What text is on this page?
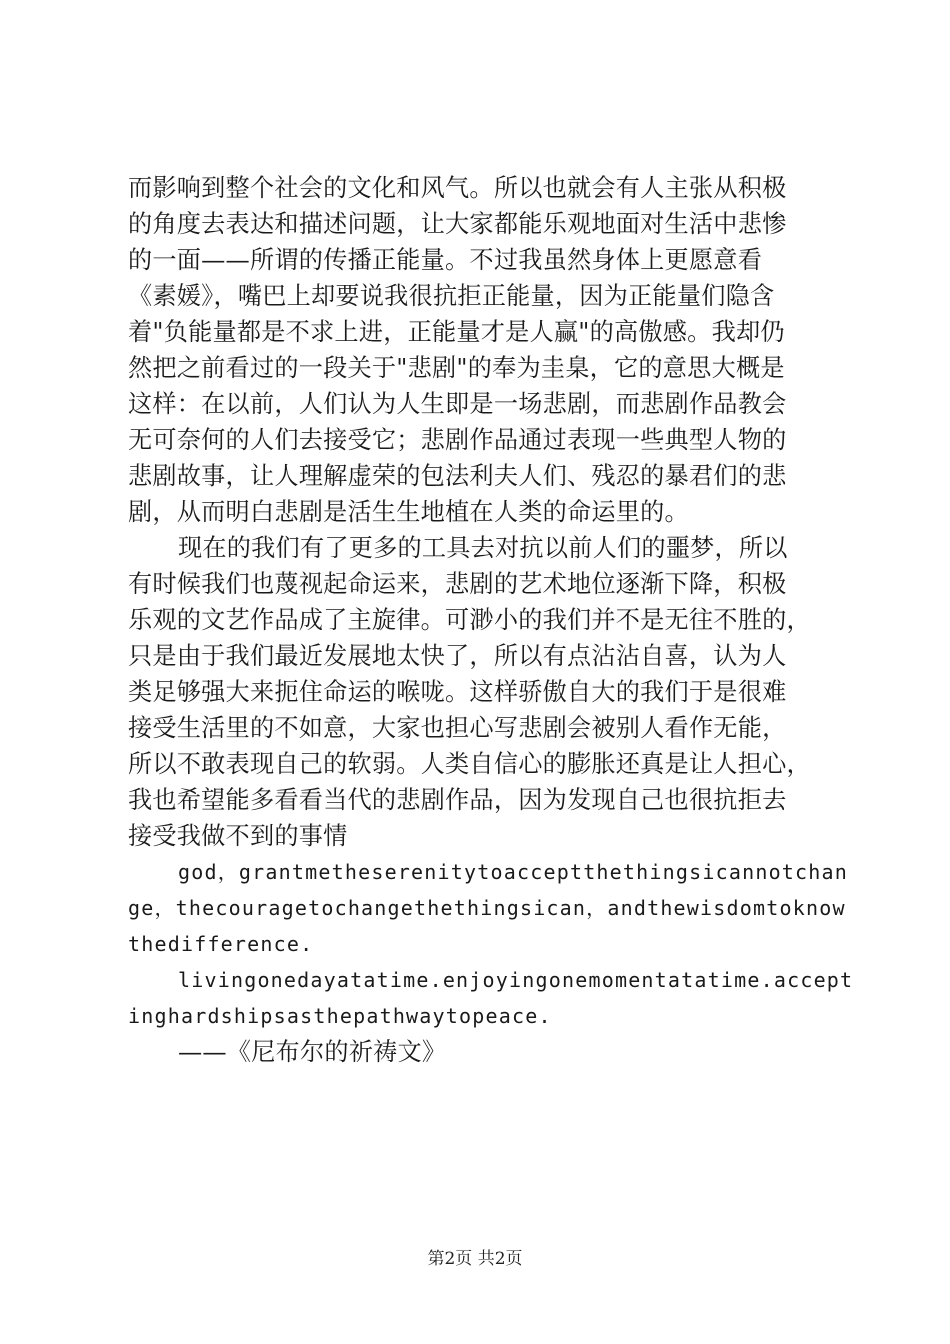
而影响到整个社会的文化和风气。所以也就会有人主张从积极
的角度去表达和描述问题，让大家都能乐观地面对生活中悲惨
的一面——所谓的传播正能量。不过我虽然身体上更愿意看
《素媛》，嘴巴上却要说我很抗拒正能量，因为正能量们隐含
着"负能量都是不求上进，正能量才是人赢"的高傲感。我却仍
然把之前看过的一段关于"悲剧"的奉为圭臬，它的意思大概是
这样：在以前，人们认为人生即是一场悲剧，而悲剧作品教会
无可奈何的人们去接受它；悲剧作品通过表现一些典型人物的
悲剧故事，让人理解虚荣的包法利夫人们、残忍的暴君们的悲
剧，从而明白悲剧是活生生地植在人类的命运里的。
现在的我们有了更多的工具去对抗以前人们的噩梦，所以
有时候我们也蔑视起命运来，悲剧的艺术地位逐渐下降，积极
乐观的文艺作品成了主旋律。可渺小的我们并不是无往不胜的，
只是由于我们最近发展地太快了，所以有点沾沾自喜，认为人
类足够强大来扼住命运的喉咙。这样骄傲自大的我们于是很难
接受生活里的不如意，大家也担心写悲剧会被别人看作无能，
所以不敢表现自己的软弱。人类自信心的膨胀还真是让人担心，
我也希望能多看看当代的悲剧作品，因为发现自己也很抗拒去
接受我做不到的事情
god，grantmetheserenitytoacceptthethingsicannotchan
ge，thecouragetochangethethingsican，andthewisdomtoknow
thedifference.
livingonedayatatime.enjoyingonemomentatatime.accept
inghardshipsasthepathwaytopeace.
——《尼布尔的祈祷文》
第2页 共2页
